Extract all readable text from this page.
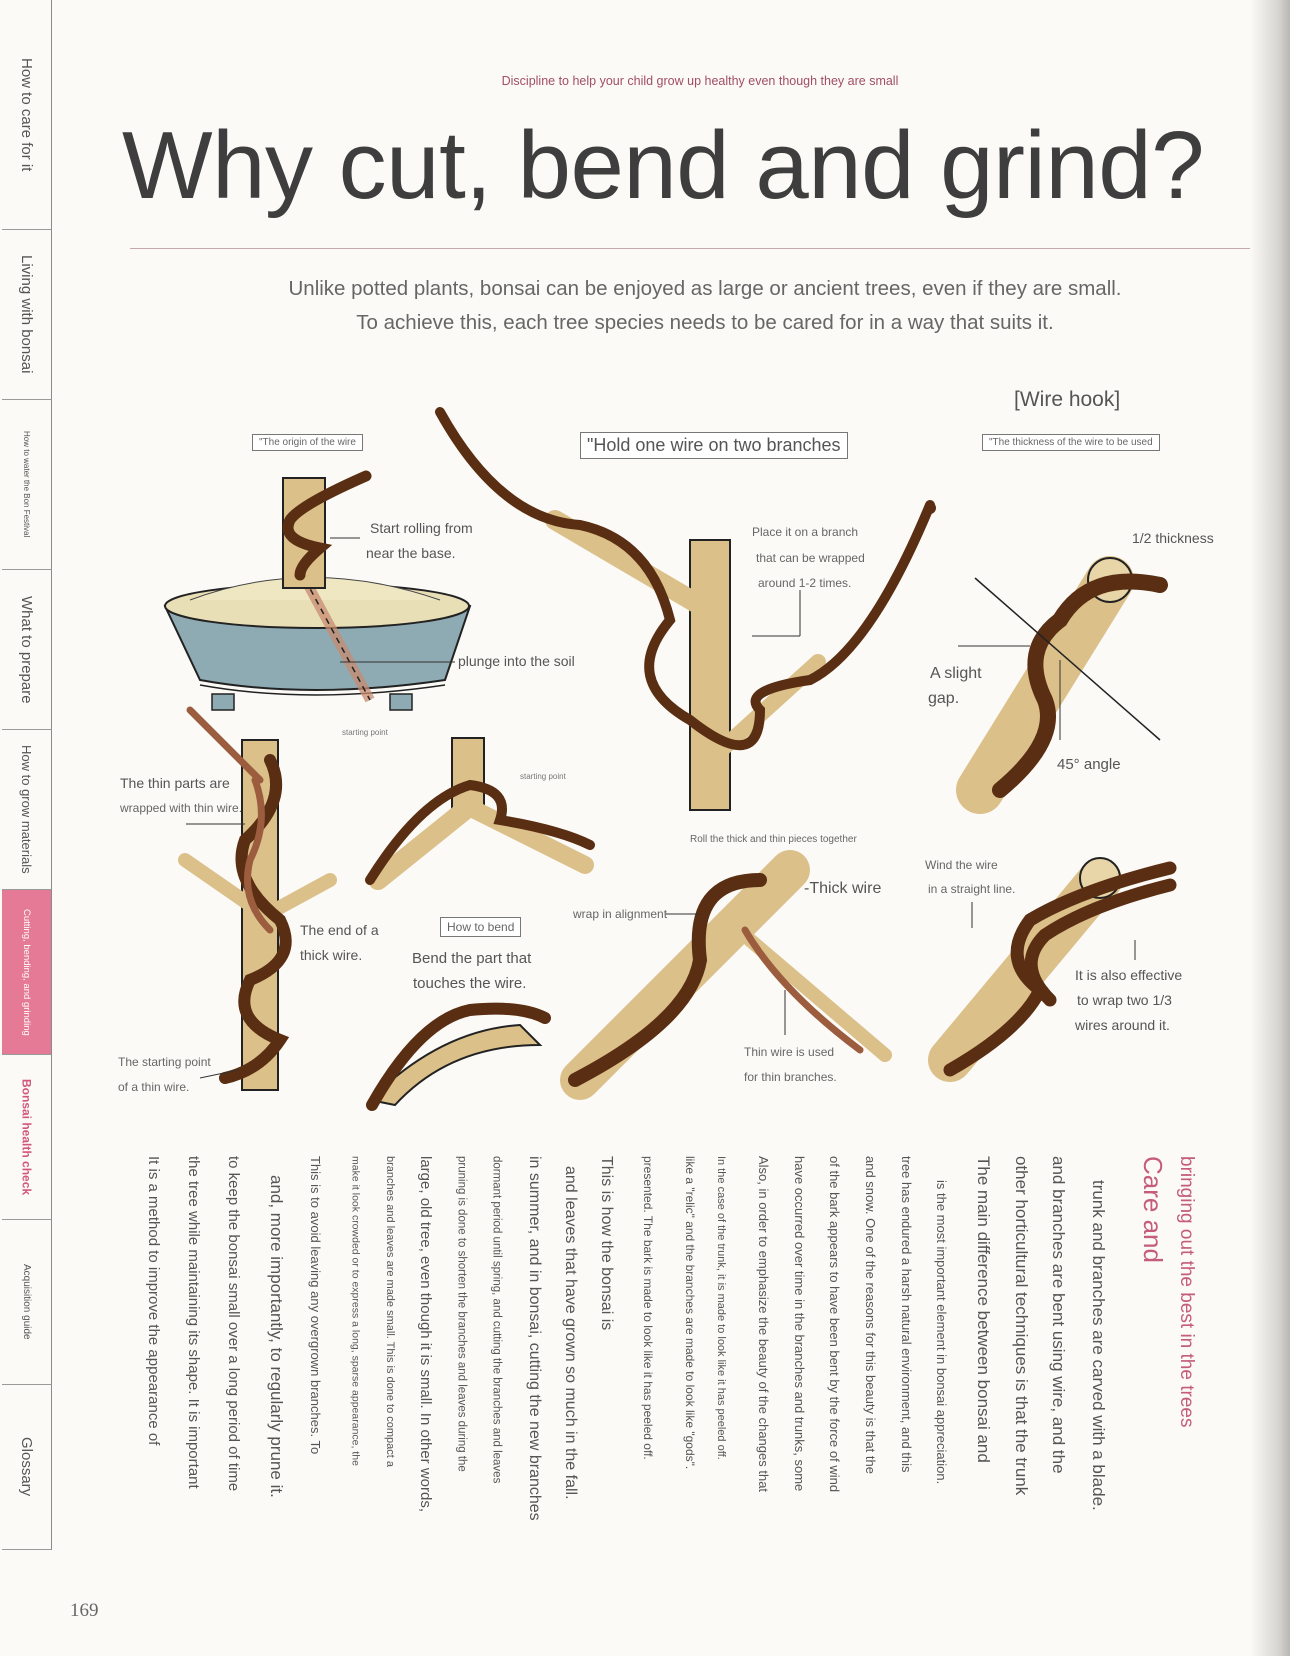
How to care for it
Living with bonsai
How to water the Bon Festival
What to prepare
How to grow materials
Cutting, bending, and grinding
Bonsai health check
Acquisition guide
Glossary
Discipline to help your child grow up healthy even though they are small
Why cut, bend and grind?
Unlike potted plants, bonsai can be enjoyed as large or ancient trees, even if they are small.
To achieve this, each tree species needs to be cared for in a way that suits it.
[Wire hook]
"The origin of the wire	"Hold one wire on two branches	"The thickness of the wire to be used
Start rolling from
near the base.
plunge into the soil
starting point
Place it on a branch
that can be wrapped
around 1-2 times.
1/2 thickness
A slight
gap.
45° angle
The thin parts are
wrapped with thin wire.
starting point
Roll the thick and thin pieces together
Wind the wire
in a straight line.
-Thick wire
wrap in alignment
The end of a
thick wire.
How to bend
Bend the part that
touches the wire.	It is also effective
to wrap two 1/3
wires around it.
Thin wire is used
for thin branches.
The starting point
of a thin wire.
bringing out the best in the trees
Care and
trunk and branches are carved with a blade.
and branches are bent using wire, and the
other horticultural techniques is that the trunk
The main difference between bonsai and
is the most important element in bonsai appreciation.
tree has endured a harsh natural environment, and this
and snow. One of the reasons for this beauty is that the
of the bark appears to have been bent by the force of wind
have occurred over time in the branches and trunks, some
Also, in order to emphasize the beauty of the changes that
In the case of the trunk, it is made to look like it has peeled off.
like a "relic" and the branches are made to look like "gods".
presented. The bark is made to look like it has peeled off.
This is how the bonsai is
and leaves that have grown so much in the fall.
in summer, and in bonsai, cutting the new branches
dormant period until spring, and cutting the branches and leaves
pruning is done to shorten the branches and leaves during the
large, old tree, even though it is small. In other words,
branches and leaves are made small. This is done to compact a
make it look crowded or to express a long, sparse appearance, the
This is to avoid leaving any overgrown branches. To
and, more importantly, to regularly prune it.
to keep the bonsai small over a long period of time
the tree while maintaining its shape. It is important
It is a method to improve the appearance of
169
